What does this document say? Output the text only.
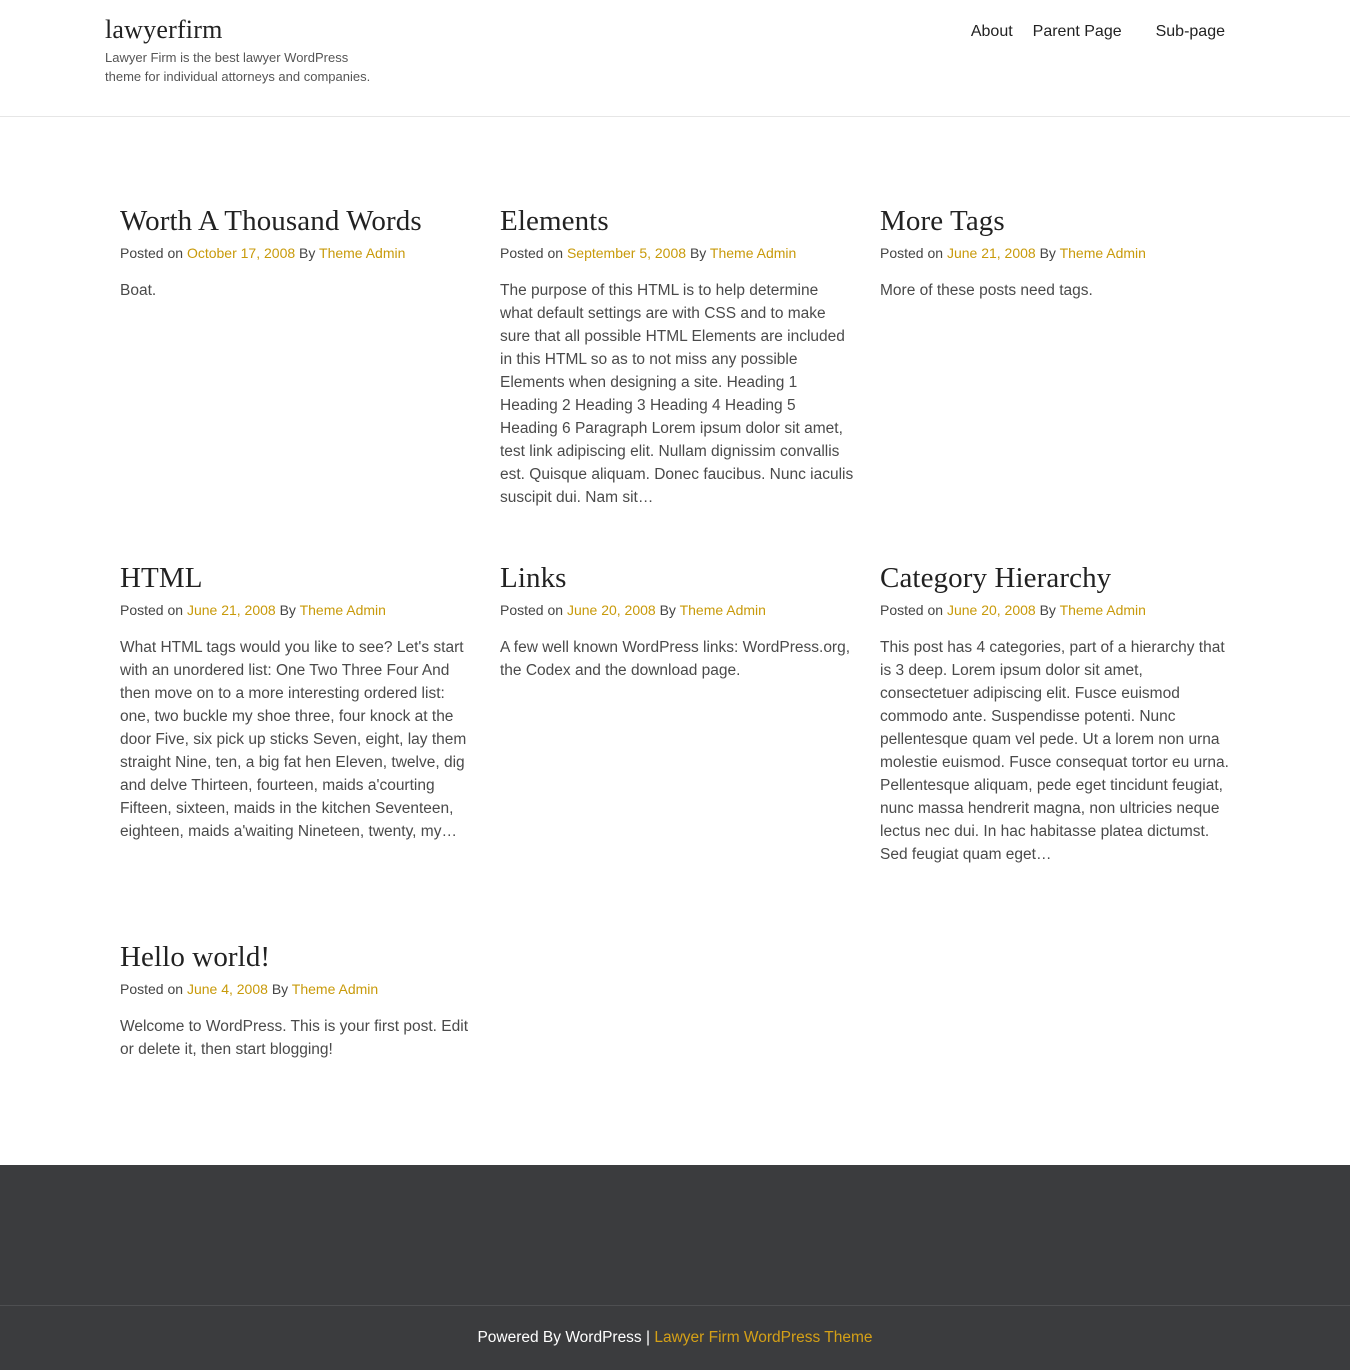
lawyerfirm

Lawyer Firm is the best lawyer WordPress theme for individual attorneys and companies.

About Parent Page Sub-page
Worth A Thousand Words
Posted on October 17, 2008 By Theme Admin

Boat.

Elements
Posted on September 5, 2008 By Theme Admin

The purpose of this HTML is to help determine what default settings are with CSS and to make sure that all possible HTML Elements are included in this HTML so as to not miss any possible Elements when designing a site. Heading 1 Heading 2 Heading 3 Heading 4 Heading 5 Heading 6 Paragraph Lorem ipsum dolor sit amet, test link adipiscing elit. Nullam dignissim convallis est. Quisque aliquam. Donec faucibus. Nunc iaculis suscipit dui. Nam sit…

More Tags
Posted on June 21, 2008 By Theme Admin

More of these posts need tags.

HTML
Posted on June 21, 2008 By Theme Admin

What HTML tags would you like to see? Let's start with an unordered list: One Two Three Four And then move on to a more interesting ordered list: one, two buckle my shoe three, four knock at the door Five, six pick up sticks Seven, eight, lay them straight Nine, ten, a big fat hen Eleven, twelve, dig and delve Thirteen, fourteen, maids a'courting Fifteen, sixteen, maids in the kitchen Seventeen, eighteen, maids a'waiting Nineteen, twenty, my…

Links
Posted on June 20, 2008 By Theme Admin

A few well known WordPress links: WordPress.org, the Codex and the download page.

Category Hierarchy
Posted on June 20, 2008 By Theme Admin

This post has 4 categories, part of a hierarchy that is 3 deep. Lorem ipsum dolor sit amet, consectetuer adipiscing elit. Fusce euismod commodo ante. Suspendisse potenti. Nunc pellentesque quam vel pede. Ut a lorem non urna molestie euismod. Fusce consequat tortor eu urna. Pellentesque aliquam, pede eget tincidunt feugiat, nunc massa hendrerit magna, non ultricies neque lectus nec dui. In hac habitasse platea dictumst. Sed feugiat quam eget…

Hello world!
Posted on June 4, 2008 By Theme Admin

Welcome to WordPress. This is your first post. Edit or delete it, then start blogging!

Powered By WordPress | Lawyer Firm WordPress Theme
